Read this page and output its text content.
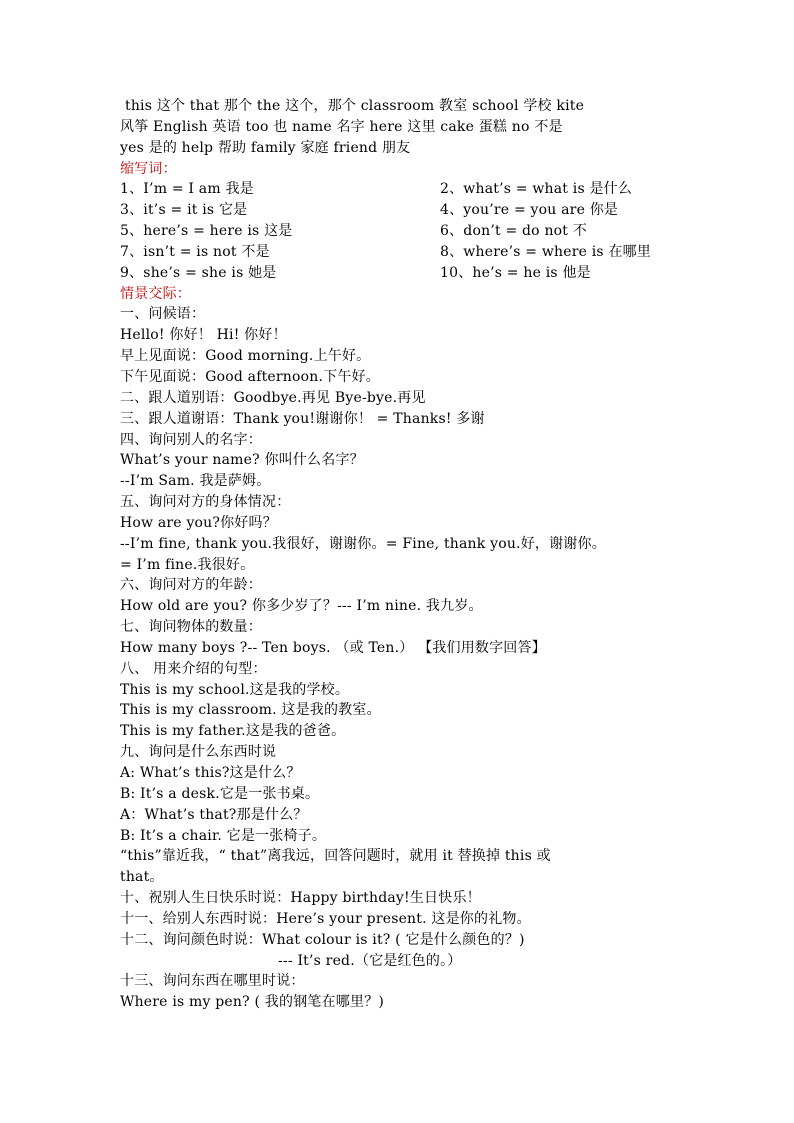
this 这个 that 那个 the 这个，那个 classroom 教室 school 学校 kite
风筝 English 英语 too 也 name 名字 here 这里 cake 蛋糕 no 不是
yes 是的 help 帮助 family 家庭 friend 朋友
缩写词：
1、I’m = I am 我是	2、what’s = what is 是什么
3、it’s = it is 它是	4、you’re = you are 你是
5、here’s = here is 这是	6、don’t = do not 不
7、isn’t = is not 不是	8、where’s = where is 在哪里
9、she’s = she is 她是	10、he’s = he is 他是
情景交际：
一、问候语：
Hello! 你好！ Hi! 你好！
早上见面说：Good morning.上午好。
下午见面说：Good afternoon.下午好。
二、跟人道别语：Goodbye.再见 Bye-bye.再见
三、跟人道谢语：Thank you!谢谢你！ = Thanks! 多谢
四、询问别人的名字：
What’s your name? 你叫什么名字？
--I’m Sam. 我是萨姆。
五、询问对方的身体情况：
How are you?你好吗？
--I’m fine, thank you.我很好，谢谢你。= Fine, thank you.好，谢谢你。
= I’m fine.我很好。
六、询问对方的年龄：
How old are you? 你多少岁了？--- I’m nine. 我九岁。
七、询问物体的数量：
How many boys ?-- Ten boys. （或 Ten.） 【我们用数字回答】
八、 用来介绍的句型：
This is my school.这是我的学校。
This is my classroom. 这是我的教室。
This is my father.这是我的爸爸。
九、询问是什么东西时说
A: What’s this?这是什么？
B: It’s a desk.它是一张书桌。
A：What’s that?那是什么？
B: It’s a chair. 它是一张椅子。
“this”靠近我，“ that”离我远，回答问题时，就用 it 替换掉 this 或
that。
十、祝别人生日快乐时说：Happy birthday!生日快乐！
十一、给别人东西时说：Here’s your present. 这是你的礼物。
十二、询问颜色时说：What colour is it? ( 它是什么颜色的？)
--- It’s red.（它是红色的。）
十三、询问东西在哪里时说：
Where is my pen? ( 我的钢笔在哪里？)
